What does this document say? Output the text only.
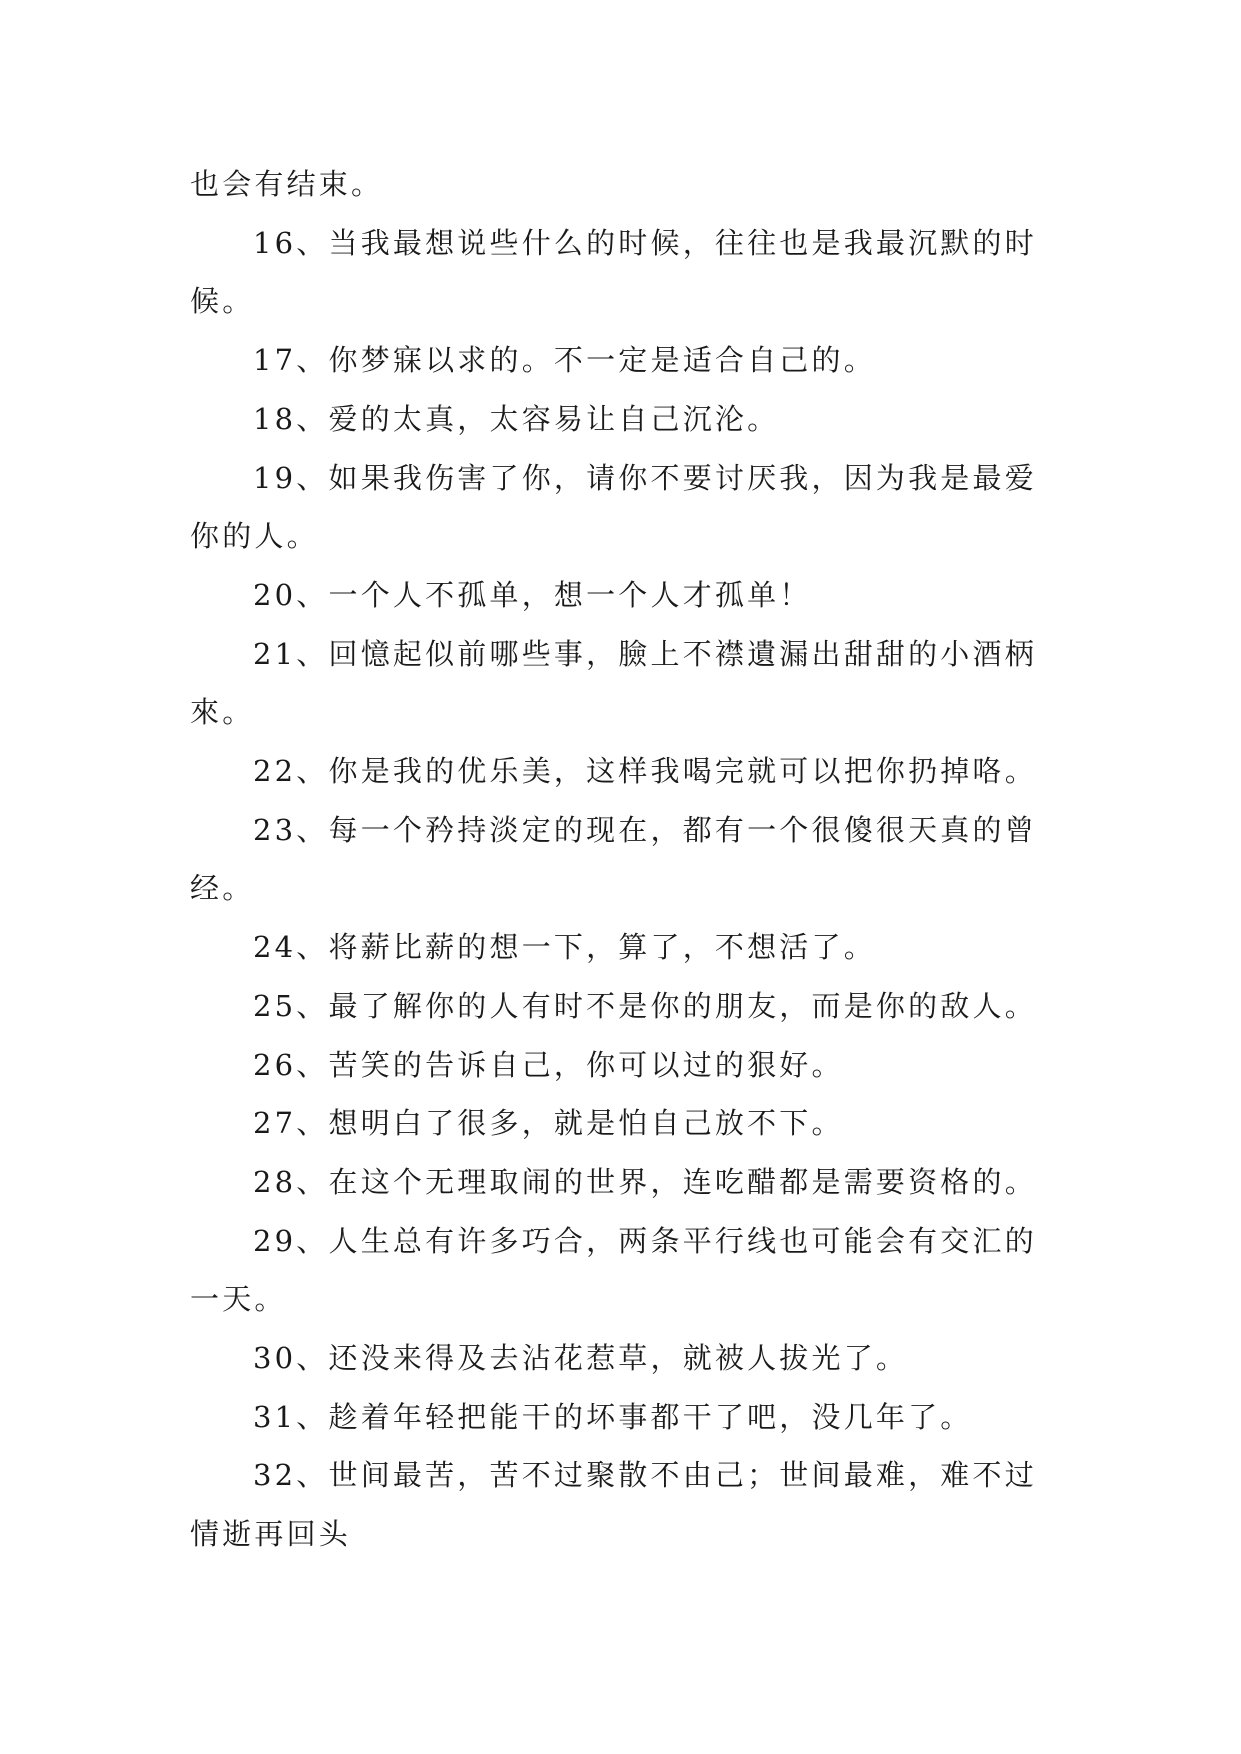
也会有结束。

16、当我最想说些什么的时候，往往也是我最沉默的时

候。

17、你梦寐以求的。不一定是适合自己的。

18、爱的太真，太容易让自己沉沦。

19、如果我伤害了你，请你不要讨厌我，因为我是最爱

你的人。

20、一个人不孤单，想一个人才孤单！

21、回憶起似前哪些事，臉上不襟遺漏出甜甜的小酒柄

來。

22、你是我的优乐美，这样我喝完就可以把你扔掉咯。

23、每一个矜持淡定的现在，都有一个很傻很天真的曾

经。

24、将薪比薪的想一下，算了，不想活了。

25、最了解你的人有时不是你的朋友，而是你的敌人。

26、苦笑的告诉自己，你可以过的狠好。

27、想明白了很多，就是怕自己放不下。

28、在这个无理取闹的世界，连吃醋都是需要资格的。

29、人生总有许多巧合，两条平行线也可能会有交汇的

一天。

30、还没来得及去沾花惹草，就被人拔光了。

31、趁着年轻把能干的坏事都干了吧，没几年了。

32、世间最苦，苦不过聚散不由己；世间最难，难不过

情逝再回头
